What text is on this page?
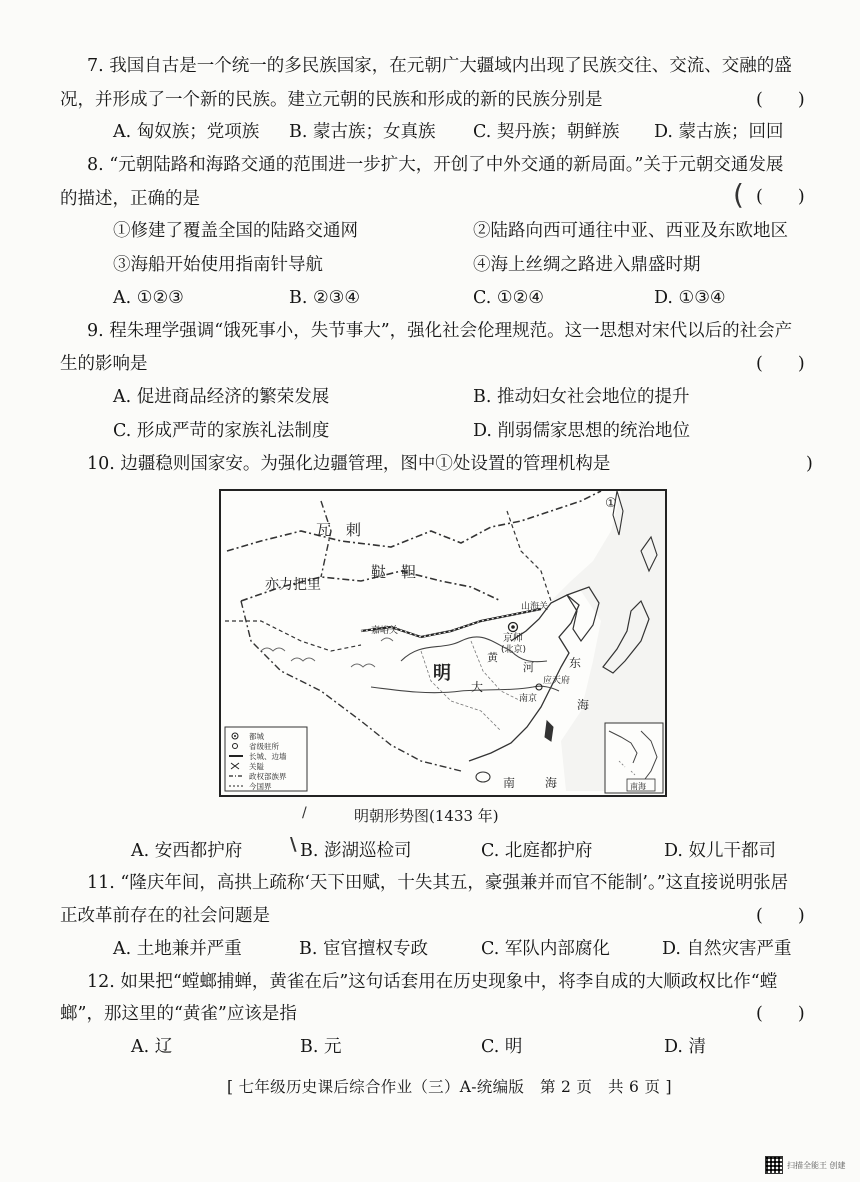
7. 我国自古是一个统一的多民族国家，在元朝广大疆域内出现了民族交往、交流、交融的盛
况，并形成了一个新的民族。建立元朝的民族和形成的新的民族分别是	(　　)
A. 匈奴族；党项族 B. 蒙古族；女真族 C. 契丹族；朝鲜族 D. 蒙古族；回回
8. “元朝陆路和海路交通的范围进一步扩大，开创了中外交通的新局面。”关于元朝交通发展
的描述，正确的是	(　　)
(
①修建了覆盖全国的陆路交通网	②陆路向西可通往中亚、西亚及东欧地区
③海船开始使用指南针导航	④海上丝绸之路进入鼎盛时期
A. ①②③	B. ②③④	C. ①②④	D. ①③④
9. 程朱理学强调“饿死事小，失节事大”，强化社会伦理规范。这一思想对宋代以后的社会产
生的影响是	(　　)
A. 促进商品经济的繁荣发展	B. 推动妇女社会地位的提升
C. 形成严苛的家族礼法制度	D. 削弱儒家思想的统治地位
10. 边疆稳则国家安。为强化边疆管理，图中①处设置的管理机构是	)
①
瓦　剌
鞑　靼
亦力把里
明
嘉峪关
山海关
京师
(北京)
南京
应天府
黄
河	东
海
大
南 海
都城
省级驻所
长城、边墙
关隘
政权部族界
今国界	南海
明朝形势图(1433 年)
/
A. 安西都护府	B. 澎湖巡检司
\	C. 北庭都护府	D. 奴儿干都司
11. “隆庆年间，高拱上疏称‘天下田赋，十失其五，豪强兼并而官不能制’。”这直接说明张居
正改革前存在的社会问题是	(　　)
A. 土地兼并严重	B. 宦官擅权专政	C. 军队内部腐化	D. 自然灾害严重
12. 如果把“螳螂捕蝉，黄雀在后”这句话套用在历史现象中，将李自成的大顺政权比作“螳
螂”，那这里的“黄雀”应该是指	(　　)
A. 辽	B. 元	C. 明	D. 清
[ 七年级历史课后综合作业（三）A-统编版　第 2 页　共 6 页 ]
扫描全能王 创建
